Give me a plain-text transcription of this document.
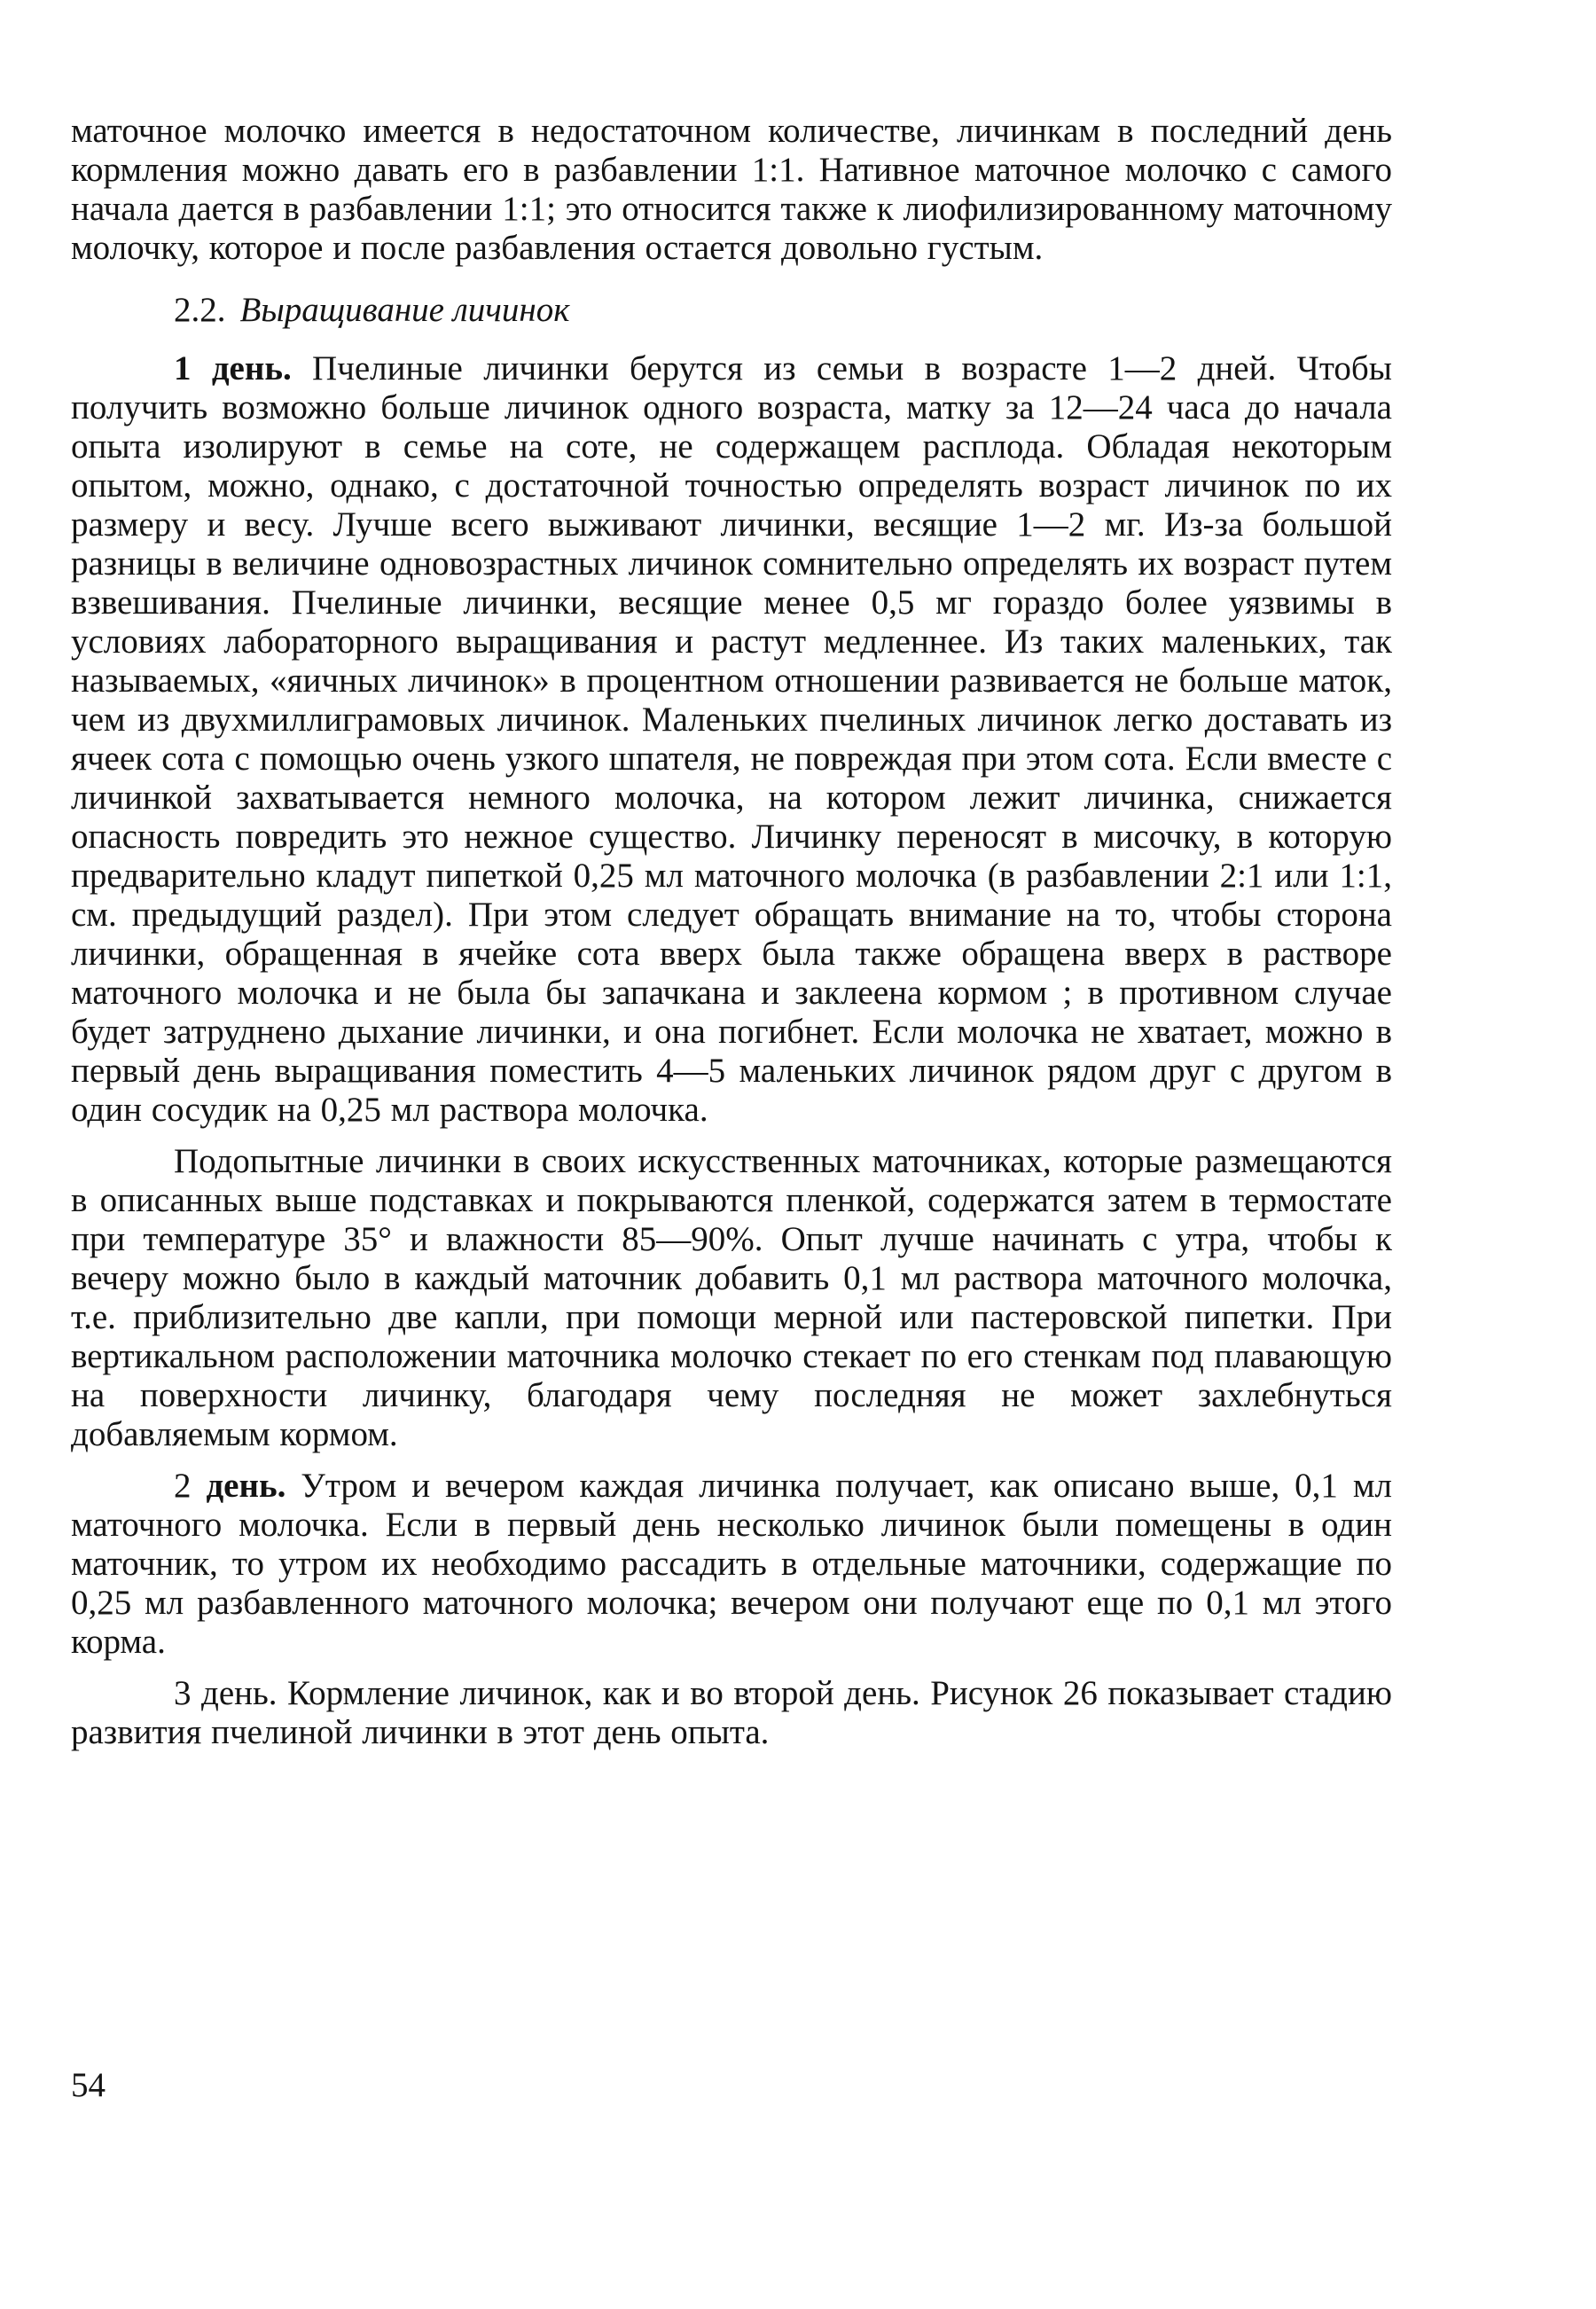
маточное молочко имеется в недостаточном количестве, личинкам в последний день кормления можно давать его в разбавлении 1:1. Нативное маточное молочко с самого начала дается в разбавлении 1:1; это относится также к лиофилизированному маточному молочку, которое и после разбавления остается довольно густым.

2.2. Выращивание личинок

1 день. Пчелиные личинки берутся из семьи в возрасте 1—2 дней. Чтобы получить возможно больше личинок одного возраста, матку за 12—24 часа до начала опыта изолируют в семье на соте, не содержащем расплода. Обладая некоторым опытом, можно, однако, с достаточной точностью определять возраст личинок по их размеру и весу. Лучше всего выживают личинки, весящие 1—2 мг. Из-за большой разницы в величине одновозрастных личинок сомнительно определять их возраст путем взвешивания. Пчелиные личинки, весящие менее 0,5 мг гораздо более уязвимы в условиях лабораторного выращивания и растут медленнее. Из таких маленьких, так называемых, «яичных личинок» в процентном отношении развивается не больше маток, чем из двухмиллиграмовых личинок. Маленьких пчелиных личинок легко доставать из ячеек сота с помощью очень узкого шпателя, не повреждая при этом сота. Если вместе с личинкой захватывается немного молочка, на котором лежит личинка, снижается опасность повредить это нежное существо. Личинку переносят в мисочку, в которую предварительно кладут пипеткой 0,25 мл маточного молочка (в разбавлении 2:1 или 1:1, см. предыдущий раздел). При этом следует обращать внимание на то, чтобы сторона личинки, обращенная в ячейке сота вверх была также обращена вверх в растворе маточного молочка и не была бы запачкана и заклеена кормом ; в противном случае будет затруднено дыхание личинки, и она погибнет. Если молочка не хватает, можно в первый день выращивания поместить 4—5 маленьких личинок рядом друг с другом в один сосудик на 0,25 мл раствора молочка.

Подопытные личинки в своих искусственных маточниках, которые размещаются в описанных выше подставках и покрываются пленкой, содержатся затем в термостате при температуре 35° и влажности 85—90%. Опыт лучше начинать с утра, чтобы к вечеру можно было в каждый маточник добавить 0,1 мл раствора маточного молочка, т.е. приблизительно две капли, при помощи мерной или пастеровской пипетки. При вертикальном расположении маточника молочко стекает по его стенкам под плавающую на поверхности личинку, благодаря чему последняя не может захлебнуться добавляемым кормом.

2 день. Утром и вечером каждая личинка получает, как описано выше, 0,1 мл маточного молочка. Если в первый день несколько личинок были помещены в один маточник, то утром их необходимо рассадить в отдельные маточники, содержащие по 0,25 мл разбавленного маточного молочка; вечером они получают еще по 0,1 мл этого корма.

3 день. Кормление личинок, как и во второй день. Рисунок 26 показывает стадию развития пчелиной личинки в этот день опыта.

54
